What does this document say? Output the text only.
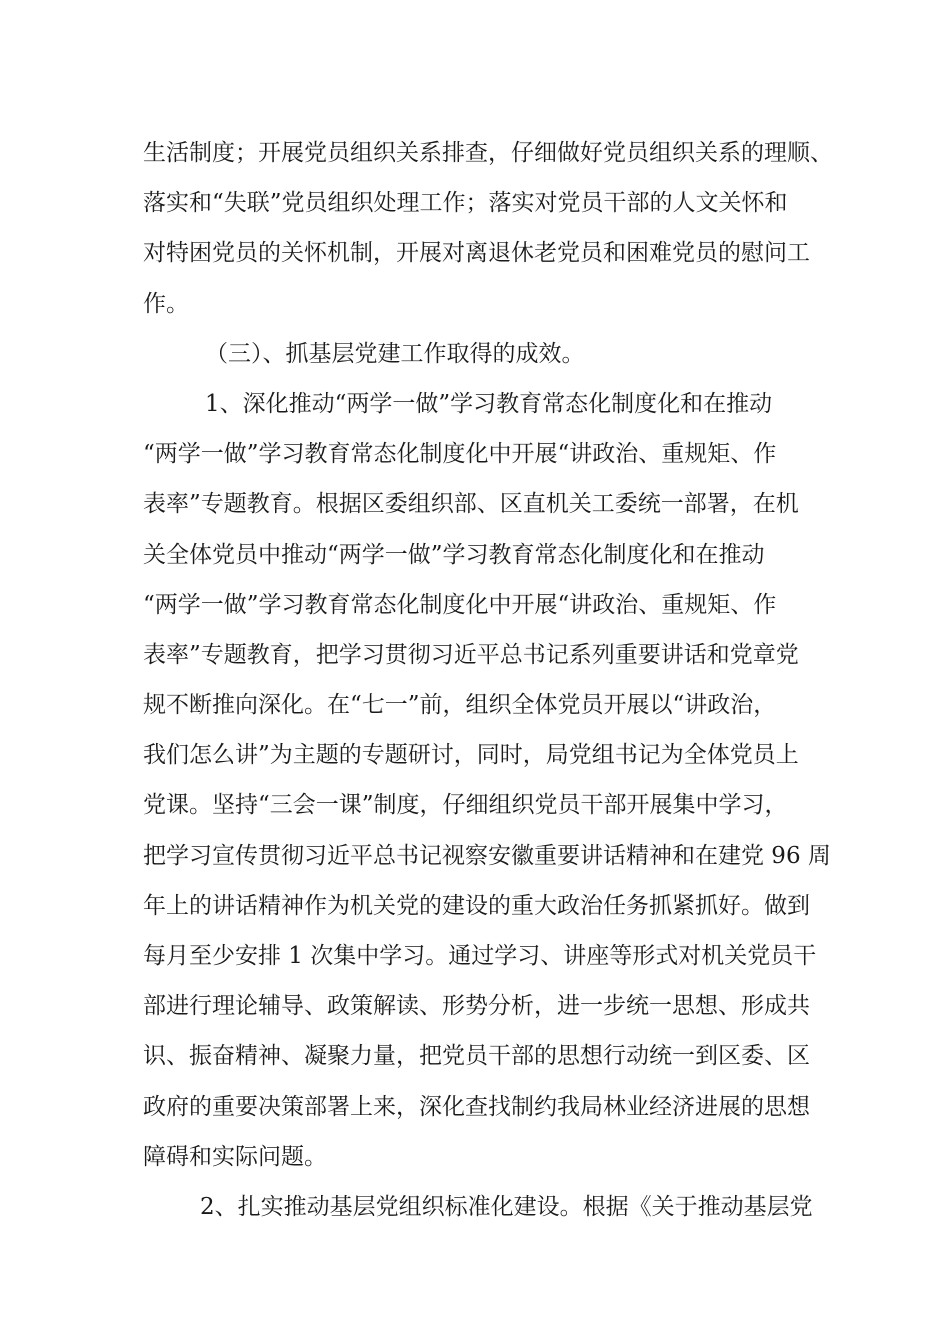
生活制度；开展党员组织关系排查，仔细做好党员组织关系的理顺、
落实和“失联”党员组织处理工作；落实对党员干部的人文关怀和
对特困党员的关怀机制，开展对离退休老党员和困难党员的慰问工
作。
（三）、抓基层党建工作取得的成效。
1、深化推动“两学一做”学习教育常态化制度化和在推动
“两学一做”学习教育常态化制度化中开展“讲政治、重规矩、作
表率”专题教育。根据区委组织部、区直机关工委统一部署，在机
关全体党员中推动“两学一做”学习教育常态化制度化和在推动
“两学一做”学习教育常态化制度化中开展“讲政治、重规矩、作
表率”专题教育，把学习贯彻习近平总书记系列重要讲话和党章党
规不断推向深化。在“七一”前，组织全体党员开展以“讲政治，
我们怎么讲”为主题的专题研讨，同时，局党组书记为全体党员上
党课。坚持“三会一课”制度，仔细组织党员干部开展集中学习，
把学习宣传贯彻习近平总书记视察安徽重要讲话精神和在建党 96 周
年上的讲话精神作为机关党的建设的重大政治任务抓紧抓好。做到
每月至少安排 1 次集中学习。通过学习、讲座等形式对机关党员干
部进行理论辅导、政策解读、形势分析，进一步统一思想、形成共
识、振奋精神、凝聚力量，把党员干部的思想行动统一到区委、区
政府的重要决策部署上来，深化查找制约我局林业经济进展的思想
障碍和实际问题。
2、扎实推动基层党组织标准化建设。根据《关于推动基层党
